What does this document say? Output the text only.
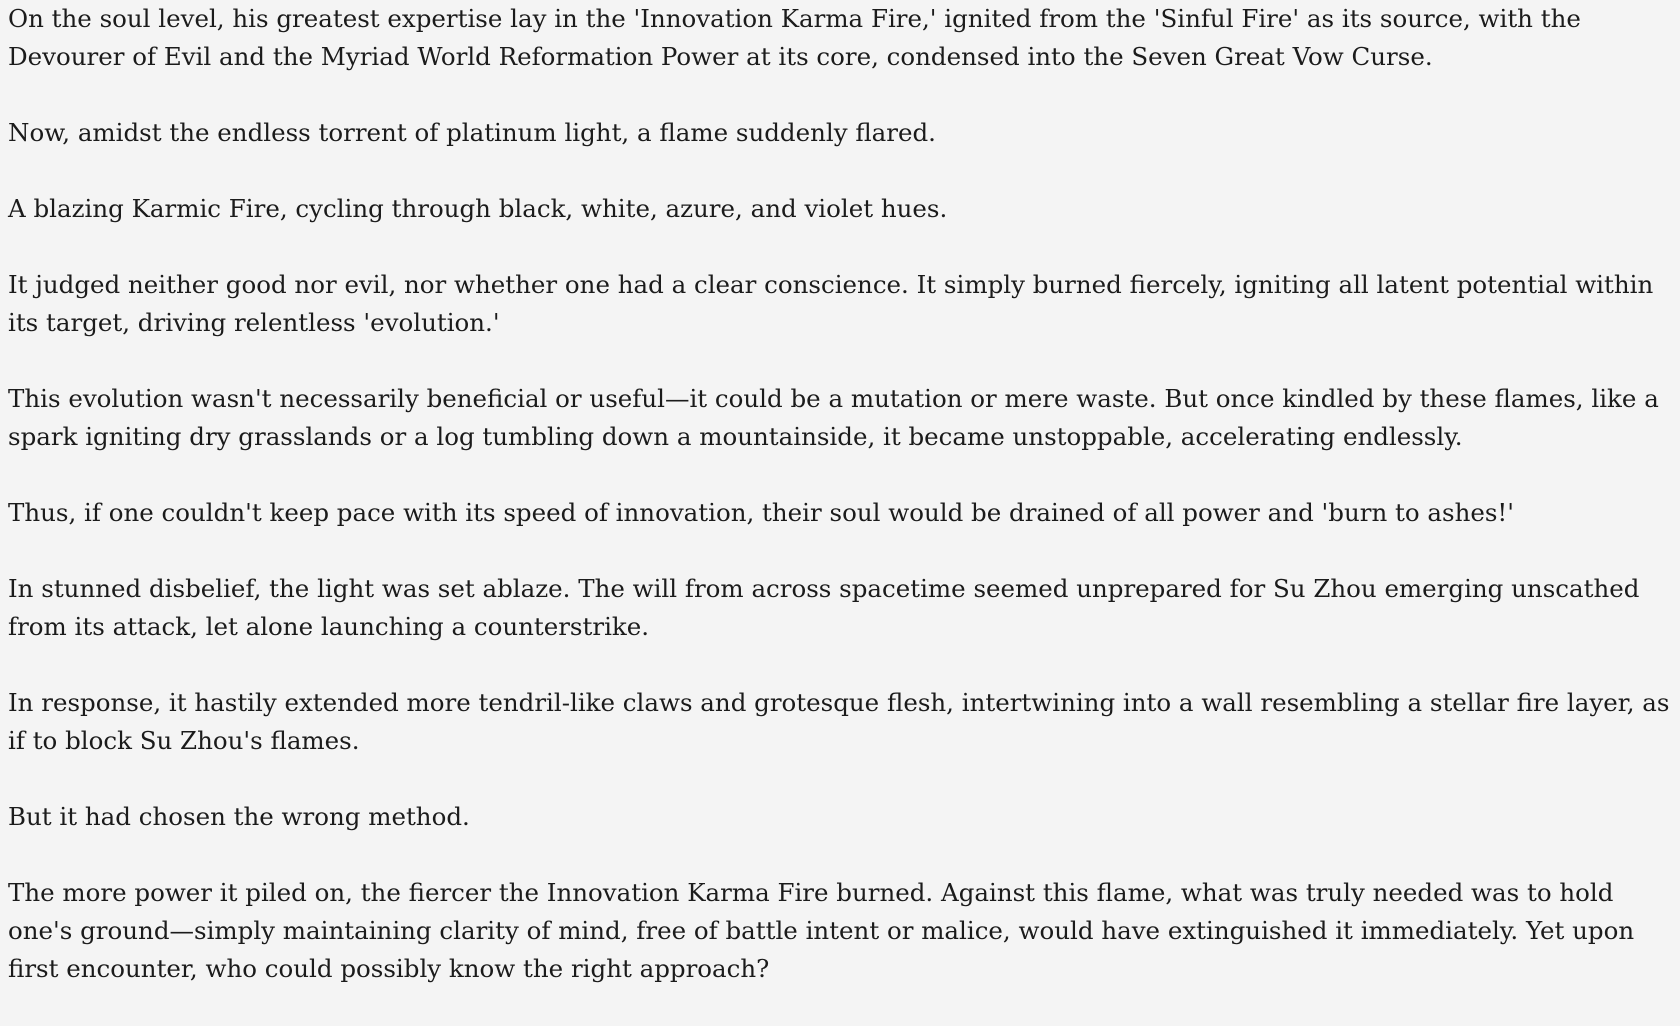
On the soul level, his greatest expertise lay in the 'Innovation Karma Fire,' ignited from the 'Sinful Fire' as its source, with the Devourer of Evil and the Myriad World Reformation Power at its core, condensed into the Seven Great Vow Curse.

Now, amidst the endless torrent of platinum light, a flame suddenly flared.

A blazing Karmic Fire, cycling through black, white, azure, and violet hues.

It judged neither good nor evil, nor whether one had a clear conscience. It simply burned fiercely, igniting all latent potential within its target, driving relentless 'evolution.'

This evolution wasn't necessarily beneficial or useful—it could be a mutation or mere waste. But once kindled by these flames, like a spark igniting dry grasslands or a log tumbling down a mountainside, it became unstoppable, accelerating endlessly.

Thus, if one couldn't keep pace with its speed of innovation, their soul would be drained of all power and 'burn to ashes!'

In stunned disbelief, the light was set ablaze. The will from across spacetime seemed unprepared for Su Zhou emerging unscathed from its attack, let alone launching a counterstrike.

In response, it hastily extended more tendril-like claws and grotesque flesh, intertwining into a wall resembling a stellar fire layer, as if to block Su Zhou's flames.

But it had chosen the wrong method.

The more power it piled on, the fiercer the Innovation Karma Fire burned. Against this flame, what was truly needed was to hold one's ground—simply maintaining clarity of mind, free of battle intent or malice, would have extinguished it immediately. Yet upon first encounter, who could possibly know the right approach?
